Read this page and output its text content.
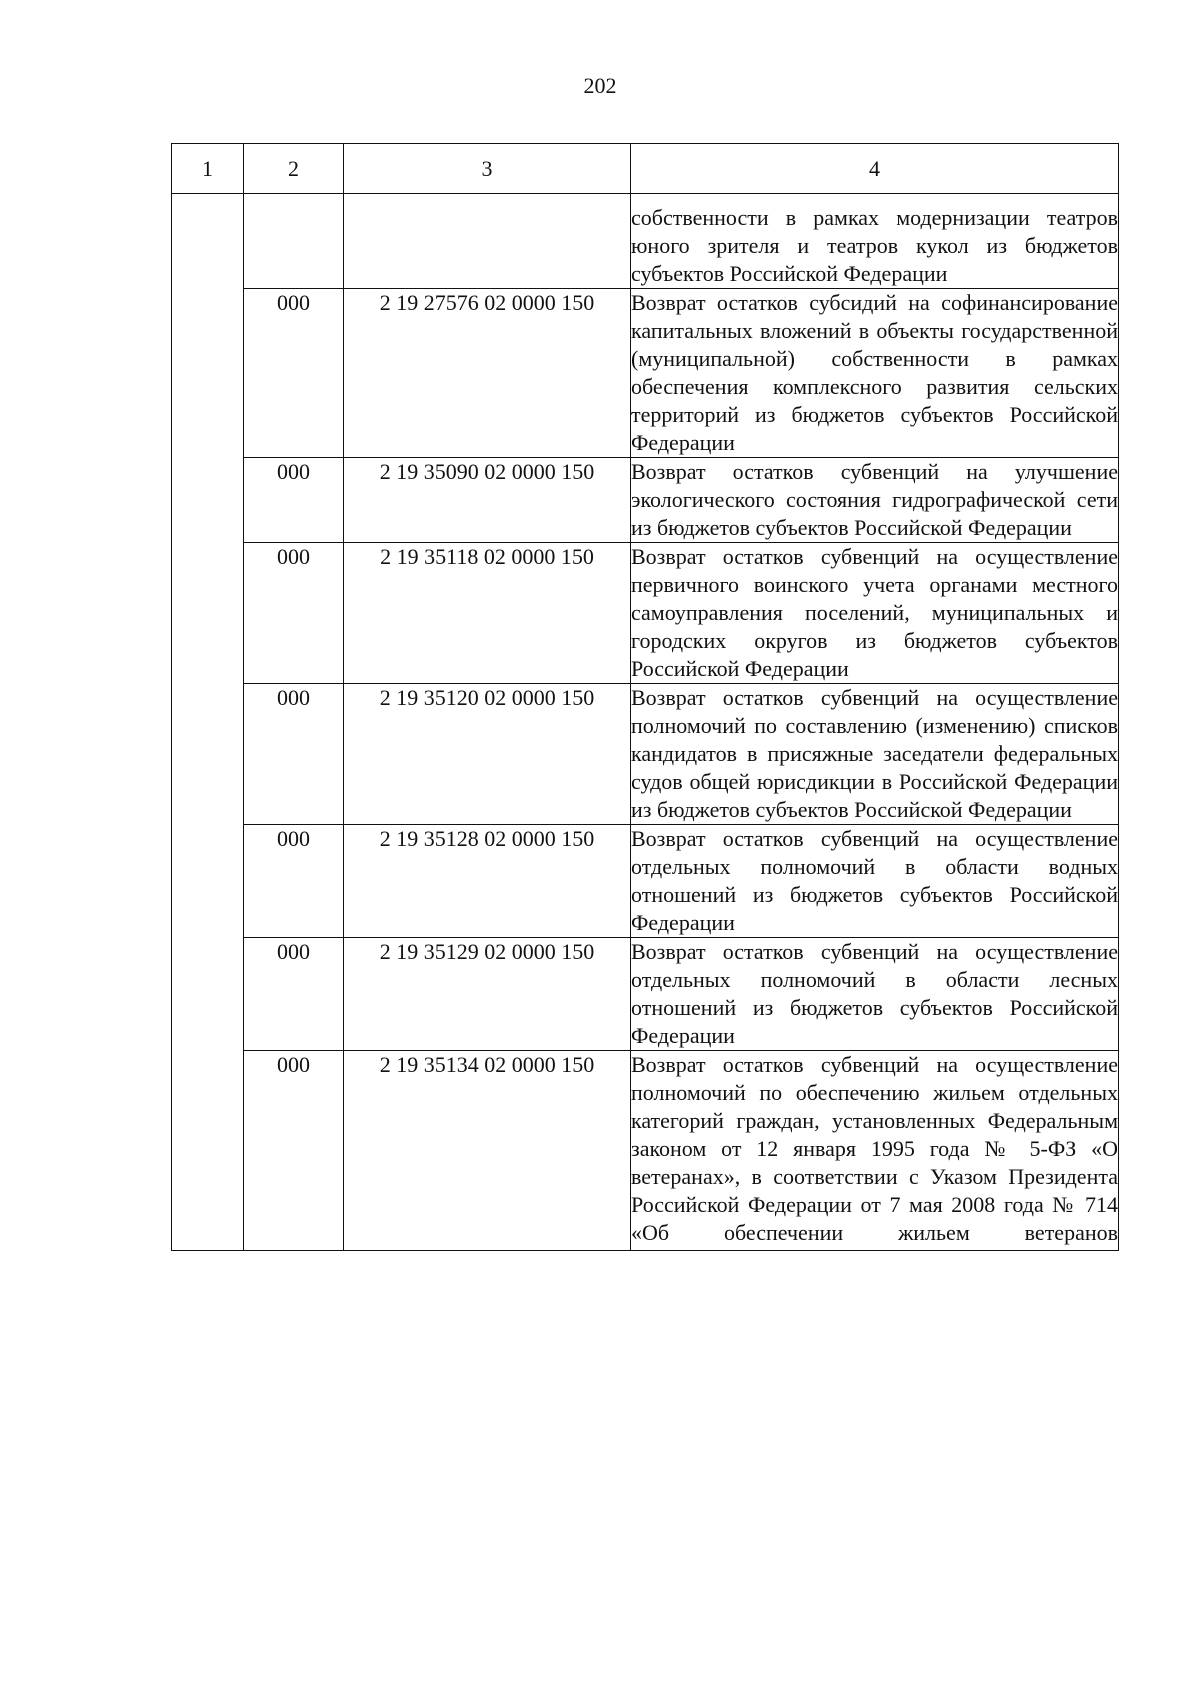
202
1	2	3	4
			собственности в рамках модернизации театров юного зрителя и театров кукол из бюджетов субъектов Российской Федерации
	000	2 19 27576 02 0000 150	Возврат остатков субсидий на софинансирование капитальных вложений в объекты государственной (муниципальной) собственности в рамках обеспечения комплексного развития сельских территорий из бюджетов субъектов Российской Федерации
	000	2 19 35090 02 0000 150	Возврат остатков субвенций на улучшение экологического состояния гидрографической сети из бюджетов субъектов Российской Федерации
	000	2 19 35118 02 0000 150	Возврат остатков субвенций на осуществление первичного воинского учета органами местного самоуправления поселений, муниципальных и городских округов из бюджетов субъектов Российской Федерации
	000	2 19 35120 02 0000 150	Возврат остатков субвенций на осуществление полномочий по составлению (изменению) списков кандидатов в присяжные заседатели федеральных судов общей юрисдикции в Российской Федерации из бюджетов субъектов Российской Федерации
	000	2 19 35128 02 0000 150	Возврат остатков субвенций на осуществление отдельных полномочий в области водных отношений из бюджетов субъектов Российской Федерации
	000	2 19 35129 02 0000 150	Возврат остатков субвенций на осуществление отдельных полномочий в области лесных отношений из бюджетов субъектов Российской Федерации
	000	2 19 35134 02 0000 150	Возврат остатков субвенций на осуществление полномочий по обеспечению жильем отдельных категорий граждан, установленных Федеральным законом от 12 января 1995 года № 5-ФЗ «О ветеранах», в соответствии с Указом Президента Российской Федерации от 7 мая 2008 года № 714 «Об обеспечении жильем ветеранов
